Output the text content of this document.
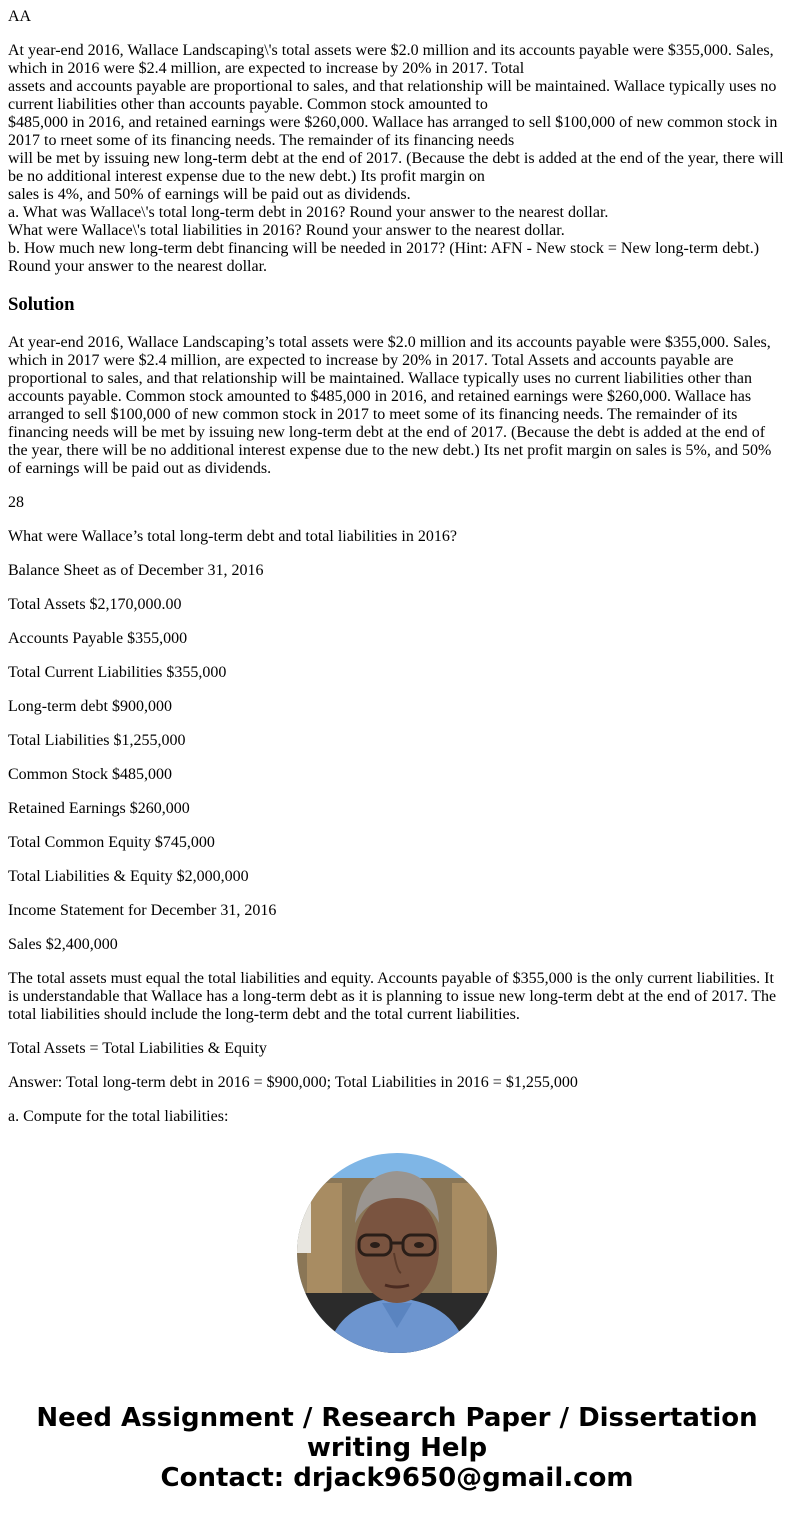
AA
At year-end 2016, Wallace Landscaping\'s total assets were $2.0 million and its accounts payable were $355,000. Sales, which in 2016 were $2.4 million, are expected to increase by 20% in 2017. Total
assets and accounts payable are proportional to sales, and that relationship will be maintained. Wallace typically uses no current liabilities other than accounts payable. Common stock amounted to
$485,000 in 2016, and retained earnings were $260,000. Wallace has arranged to sell $100,000 of new common stock in 2017 to rneet some of its financing needs. The remainder of its financing needs
will be met by issuing new long-term debt at the end of 2017. (Because the debt is added at the end of the year, there will be no additional interest expense due to the new debt.) Its profit margin on
sales is 4%, and 50% of earnings will be paid out as dividends.
a. What was Wallace\'s total long-term debt in 2016? Round your answer to the nearest dollar.
What were Wallace\'s total liabilities in 2016? Round your answer to the nearest dollar.
b. How much new long-term debt financing will be needed in 2017? (Hint: AFN - New stock = New long-term debt.) Round your answer to the nearest dollar.
Solution
At year-end 2016, Wallace Landscaping’s total assets were $2.0 million and its accounts payable were $355,000. Sales, which in 2017 were $2.4 million, are expected to increase by 20% in 2017. Total Assets and accounts payable are proportional to sales, and that relationship will be maintained. Wallace typically uses no current liabilities other than accounts payable. Common stock amounted to $485,000 in 2016, and retained earnings were $260,000. Wallace has arranged to sell $100,000 of new common stock in 2017 to meet some of its financing needs. The remainder of its financing needs will be met by issuing new long-term debt at the end of 2017. (Because the debt is added at the end of the year, there will be no additional interest expense due to the new debt.) Its net profit margin on sales is 5%, and 50% of earnings will be paid out as dividends.
28
What were Wallace’s total long-term debt and total liabilities in 2016?
Balance Sheet as of December 31, 2016
Total Assets $2,170,000.00
Accounts Payable $355,000
Total Current Liabilities $355,000
Long-term debt $900,000
Total Liabilities $1,255,000
Common Stock $485,000
Retained Earnings $260,000
Total Common Equity $745,000
Total Liabilities & Equity $2,000,000
Income Statement for December 31, 2016
Sales $2,400,000
The total assets must equal the total liabilities and equity. Accounts payable of $355,000 is the only current liabilities. It is understandable that Wallace has a long-term debt as it is planning to issue new long-term debt at the end of 2017. The total liabilities should include the long-term debt and the total current liabilities.
Total Assets = Total Liabilities & Equity
Answer: Total long-term debt in 2016 = $900,000; Total Liabilities in 2016 = $1,255,000
a. Compute for the total liabilities:
Need Assignment / Research Paper / Dissertation
writing Help
Contact: drjack9650@gmail.com
